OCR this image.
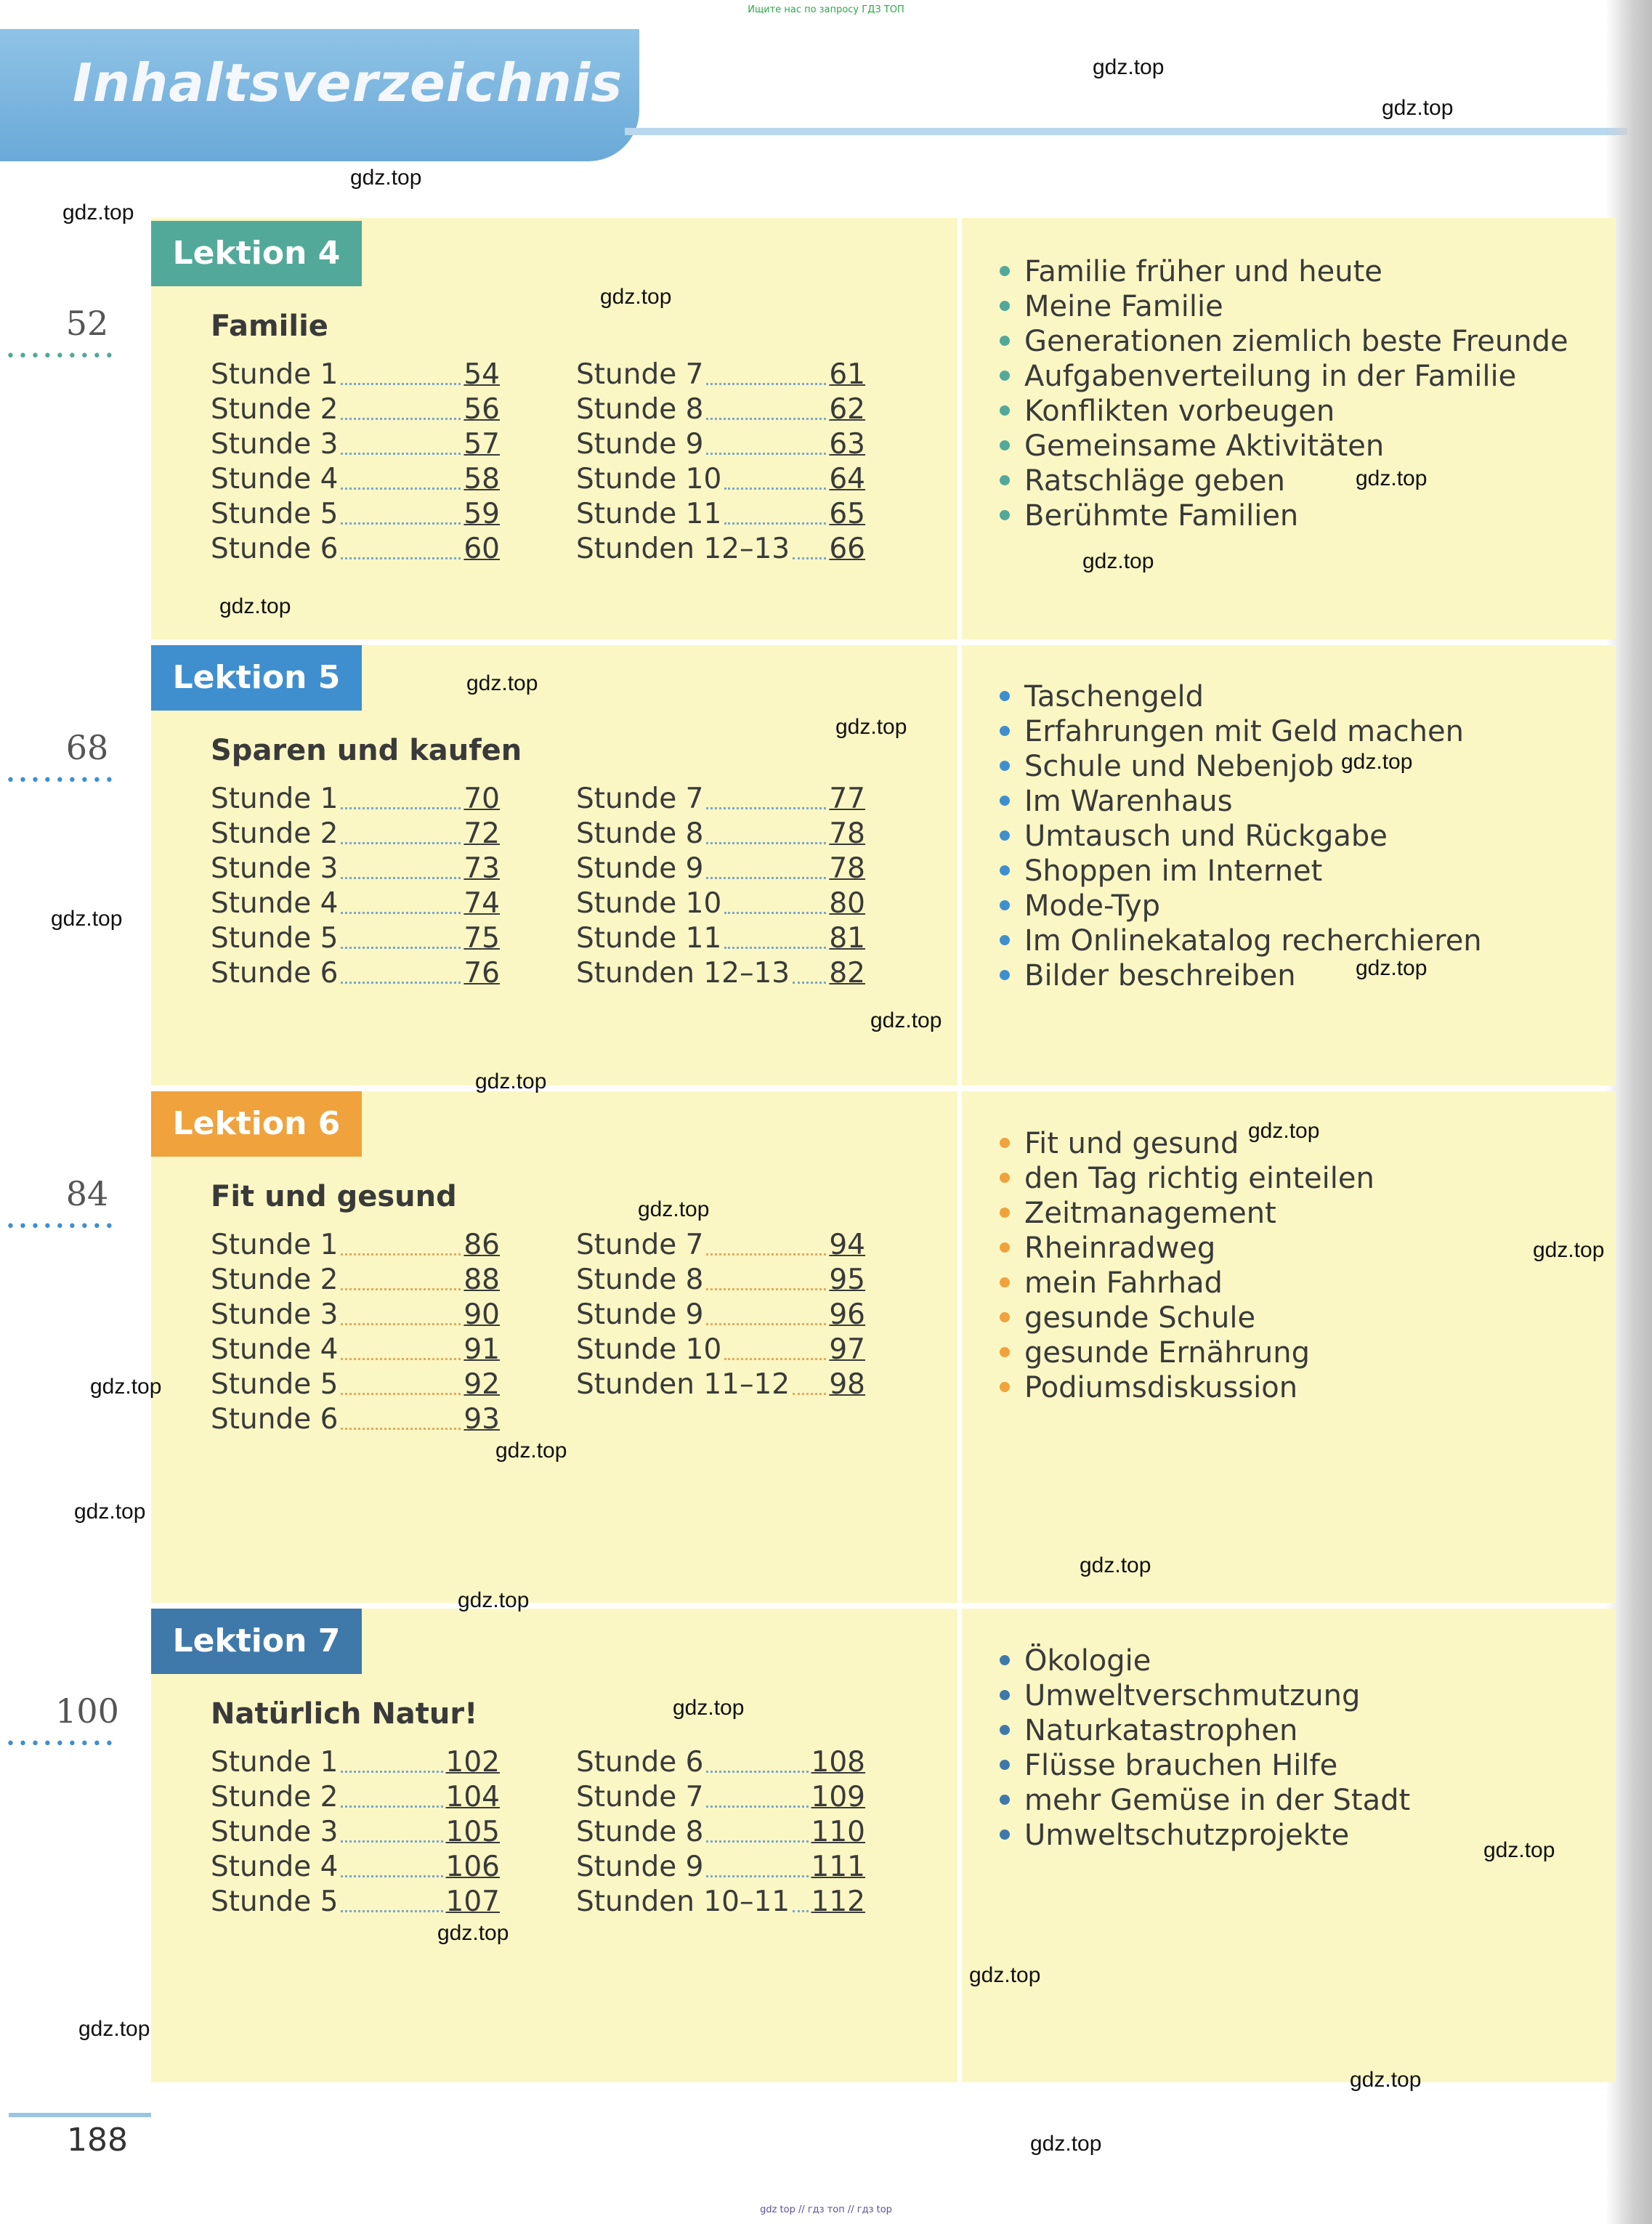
Ищите нас по запросу ГДЗ ТОП
Inhaltsverzeichnis
Lektion 4
52
•••••••••
Familie
Stunde 1	54
Stunde 2	56
Stunde 3	57
Stunde 4	58
Stunde 5	59
Stunde 6	60
Stunde 7	61
Stunde 8	62
Stunde 9	63
Stunde 10	64
Stunde 11	65
Stunden 12–13 66
Familie früher und heute
Meine Familie
Generationen ziemlich beste Freunde
Aufgabenverteilung in der Familie
Konflikten vorbeugen
Gemeinsame Aktivitäten
Ratschläge geben
Berühmte Familien
Lektion 5
68
•••••••••
Sparen und kaufen
Stunde 1	70
Stunde 2	72
Stunde 3	73
Stunde 4	74
Stunde 5	75
Stunde 6	76
Stunde 7	77
Stunde 8	78
Stunde 9	78
Stunde 10	80
Stunde 11	81
Stunden 12–13 82
Taschengeld
Erfahrungen mit Geld machen
Schule und Nebenjob
Im Warenhaus
Umtausch und Rückgabe
Shoppen im Internet
Mode-Typ
Im Onlinekatalog recherchieren
Bilder beschreiben
Lektion 6
84
•••••••••
Fit und gesund
Stunde 1	86
Stunde 2	88
Stunde 3	90
Stunde 4	91
Stunde 5	92
Stunde 6	93
Stunde 7	94
Stunde 8	95
Stunde 9	96
Stunde 10	97
Stunden 11–12 98
Fit und gesund
den Tag richtig einteilen
Zeitmanagement
Rheinradweg
mein Fahrhad
gesunde Schule
gesunde Ernährung
Podiumsdiskussion
Lektion 7
100
•••••••••
Natürlich Natur!
Stunde 1	102
Stunde 2	104
Stunde 3	105
Stunde 4	106
Stunde 5	107
Stunde 6	108
Stunde 7	109
Stunde 8	110
Stunde 9	111
Stunden 10–11 112
Ökologie
Umweltverschmutzung
Naturkatastrophen
Flüsse brauchen Hilfe
mehr Gemüse in der Stadt
Umweltschutzprojekte
gdz.top
gdz.top
gdz.top
gdz.top
gdz.top
gdz.top
gdz.top
gdz.top
gdz.top
gdz.top
gdz.top
gdz.top
gdz.top
gdz.top
gdz.top
gdz.top
gdz.top
gdz.top
gdz.top
gdz.top
gdz.top
gdz.top
gdz.top
gdz.top
gdz.top
gdz.top
gdz.top
gdz.top
gdz.top
gdz.top
188
gdz top // гдз топ // гдз top
